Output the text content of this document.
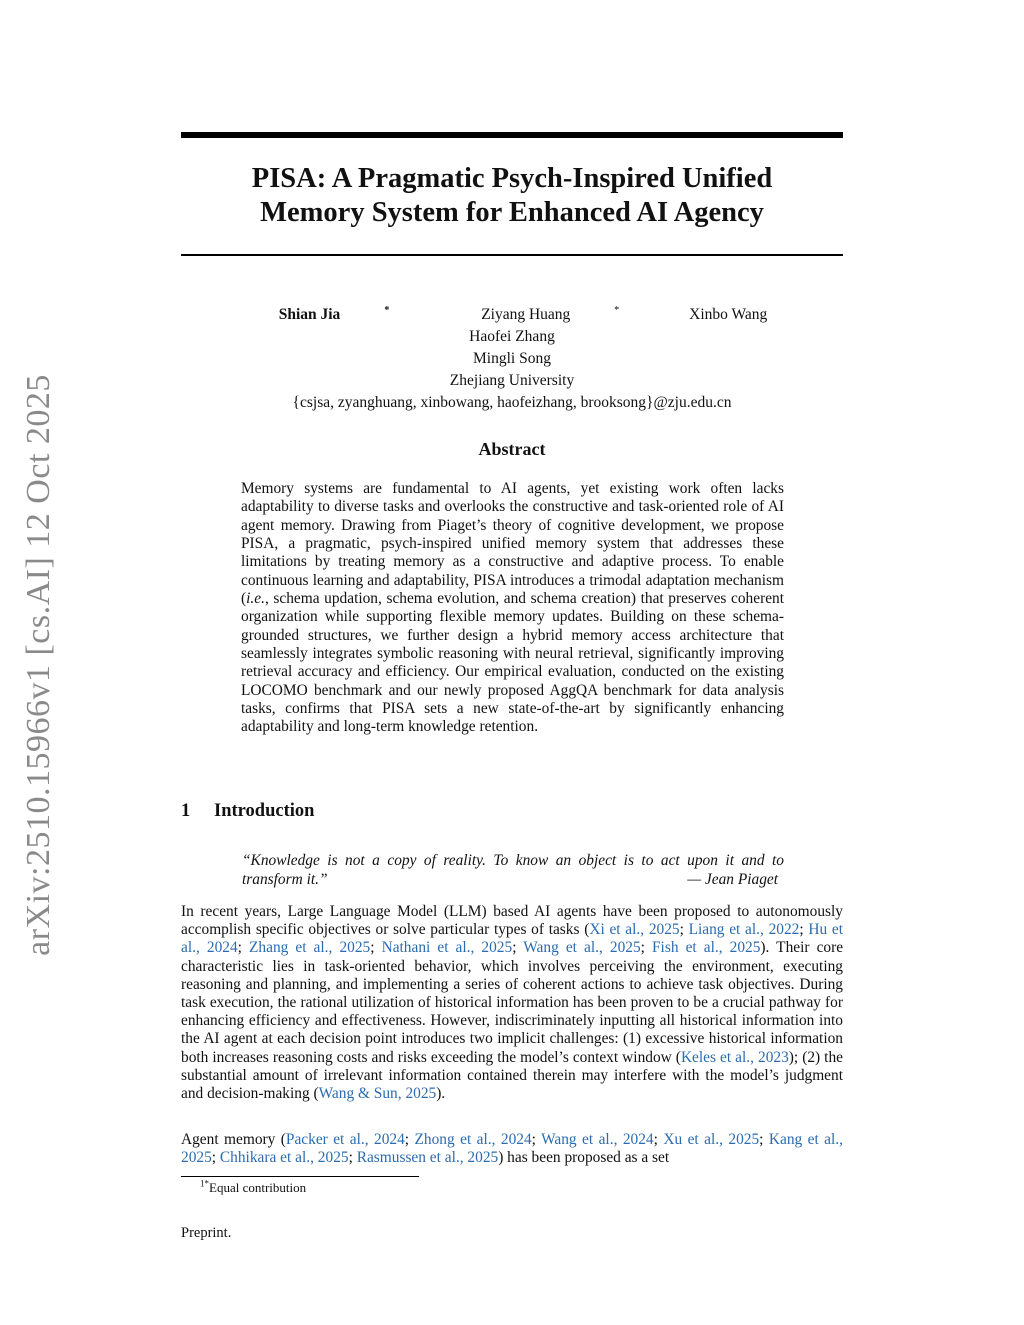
arXiv:2510.15966v1 [cs.AI] 12 Oct 2025
PISA: A Pragmatic Psych-Inspired Unified
Memory System for Enhanced AI Agency
Shian Jia	*	Ziyang Huang	*	Xinbo Wang Haofei Zhang
Mingli Song
Zhejiang University
{csjsa, zyanghuang, xinbowang, haofeizhang, brooksong}@zju.edu.cn
Abstract
Memory systems are fundamental to AI agents, yet existing work often lacks adaptability to diverse tasks and overlooks the constructive and task-oriented role of AI agent memory. Drawing from Piaget’s theory of cognitive development, we propose PISA, a pragmatic, psych-inspired unified memory system that addresses these limitations by treating memory as a constructive and adaptive process. To enable continuous learning and adaptability, PISA introduces a trimodal adaptation mechanism (i.e., schema updation, schema evolution, and schema creation) that preserves coherent organization while supporting flexible memory updates. Building on these schema-grounded structures, we further design a hybrid memory access architecture that seamlessly integrates symbolic reasoning with neural retrieval, significantly improving retrieval accuracy and efficiency. Our empirical evaluation, conducted on the existing LOCOMO benchmark and our newly proposed AggQA benchmark for data analysis tasks, confirms that PISA sets a new state-of-the-art by significantly enhancing adaptability and long-term knowledge retention.
1 Introduction
“Knowledge is not a copy of reality. To know an object is to act upon it and to transform it.”	— Jean Piaget
In recent years, Large Language Model (LLM) based AI agents have been proposed to autonomously accomplish specific objectives or solve particular types of tasks (Xi et al., 2025; Liang et al., 2022; Hu et al., 2024; Zhang et al., 2025; Nathani et al., 2025; Wang et al., 2025; Fish et al., 2025). Their core characteristic lies in task-oriented behavior, which involves perceiving the environment, executing reasoning and planning, and implementing a series of coherent actions to achieve task objectives. During task execution, the rational utilization of historical information has been proven to be a crucial pathway for enhancing efficiency and effectiveness. However, indiscriminately inputting all historical information into the AI agent at each decision point introduces two implicit challenges: (1) excessive historical information both increases reasoning costs and risks exceeding the model’s context window (Keles et al., 2023); (2) the substantial amount of irrelevant information contained therein may interfere with the model’s judgment and decision-making (Wang & Sun, 2025).
Agent memory (Packer et al., 2024; Zhong et al., 2024; Wang et al., 2024; Xu et al., 2025; Kang et al., 2025; Chhikara et al., 2025; Rasmussen et al., 2025) has been proposed as a set
$^{1*}$Equal contribution
Preprint.
